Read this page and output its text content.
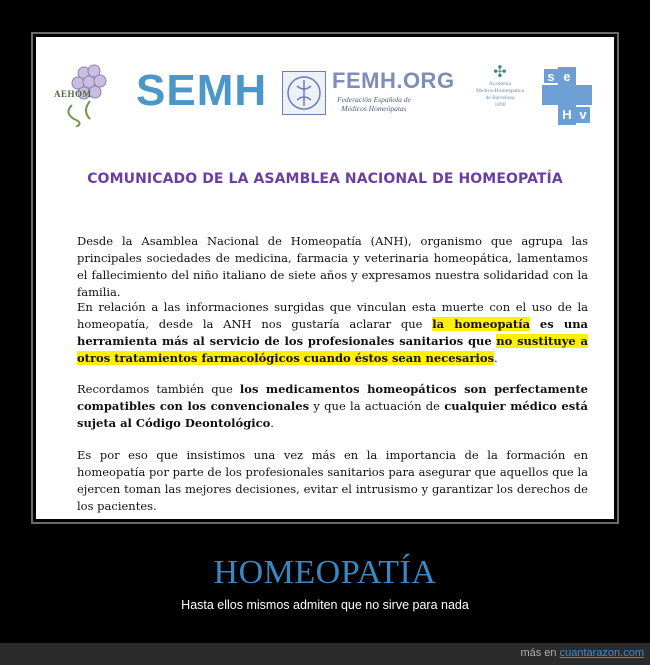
AEHOM SEMH	FEMH.ORG
Federación Española de
Médicos Homeópatas
✣
Academia
Medico-Homeopatica
de Barcelona
1890
s e
H v
COMUNICADO DE LA ASAMBLEA NACIONAL DE HOMEOPATÍA

Desde la Asamblea Nacional de Homeopatía (ANH), organismo que agrupa las principales sociedades de medicina, farmacia y veterinaria homeopática, lamentamos el fallecimiento del niño italiano de siete años y expresamos nuestra solidaridad con la familia.

En relación a las informaciones surgidas que vinculan esta muerte con el uso de la homeopatía, desde la ANH nos gustaría aclarar que la homeopatía es una herramienta más al servicio de los profesionales sanitarios que no sustituye a otros tratamientos farmacológicos cuando éstos sean necesarios.

Recordamos también que los medicamentos homeopáticos son perfectamente compatibles con los convencionales y que la actuación de cualquier médico está sujeta al Código Deontológico.

Es por eso que insistimos una vez más en la importancia de la formación en homeopatía por parte de los profesionales sanitarios para asegurar que aquellos que la ejercen toman las mejores decisiones, evitar el intrusismo y garantizar los derechos de los pacientes.

HOMEOPATÍA
Hasta ellos mismos admiten que no sirve para nada
más en cuantarazon.com
